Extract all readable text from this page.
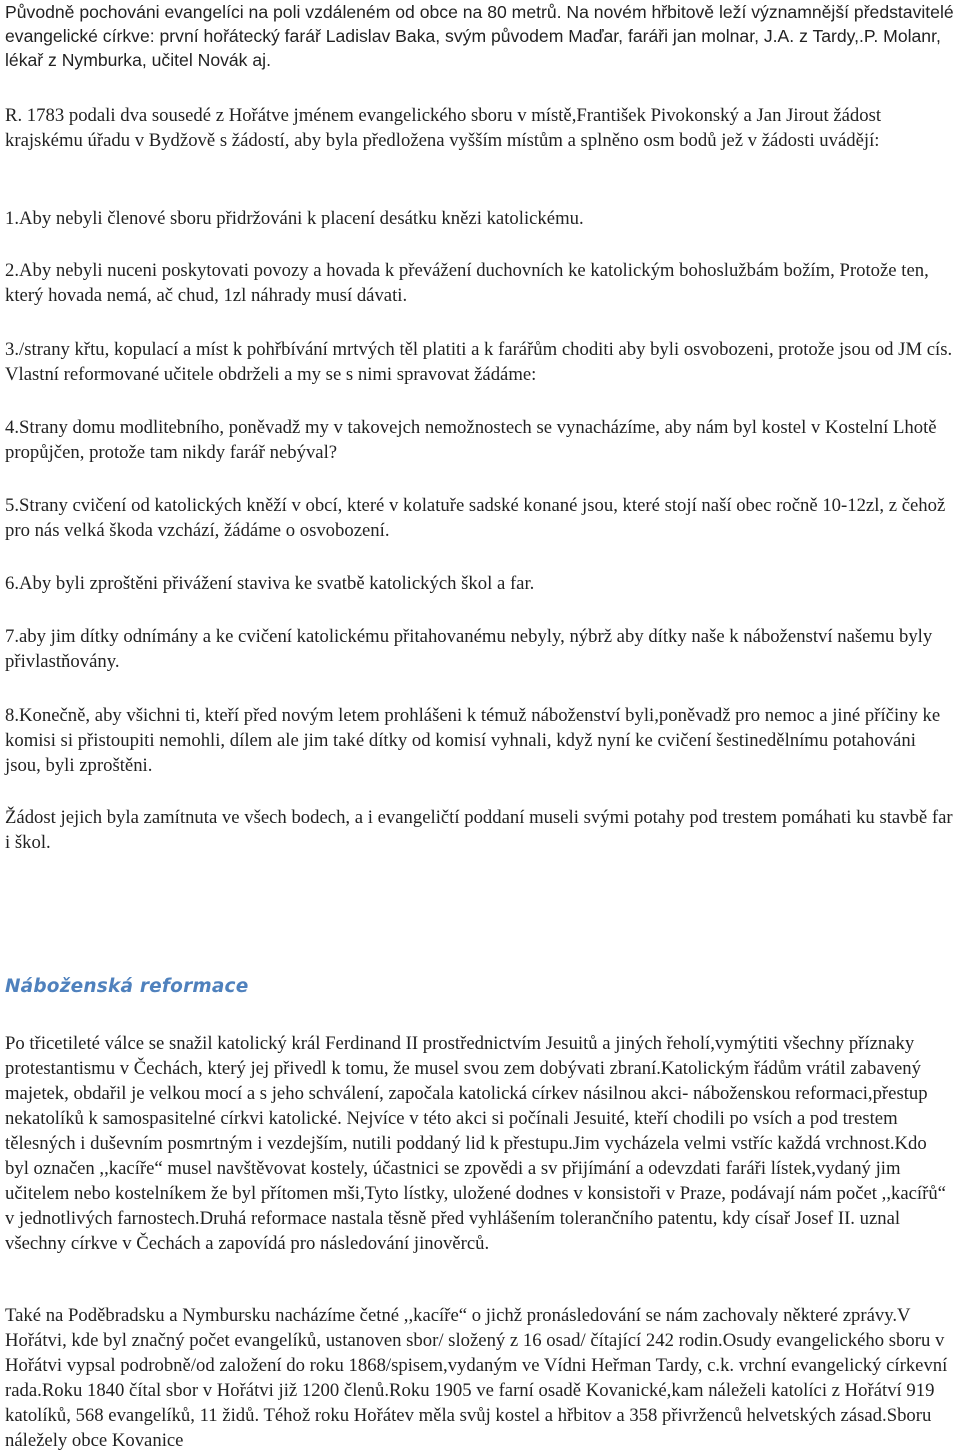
Původně pochováni evangelíci na poli vzdáleném od obce na 80 metrů. Na novém hřbitově leží významnější představitelé evangelické církve: první hořátecký farář Ladislav Baka, svým původem Maďar, faráři jan molnar, J.A. z Tardy,.P. Molanr, lékař z Nymburka, učitel Novák aj.

R. 1783 podali dva sousedé z Hořátve jménem evangelického sboru v místě,František Pivokonský a Jan Jirout žádost krajskému úřadu v Bydžově s žádostí, aby byla předložena vyšším místům a splněno osm bodů jež v žádosti uvádějí:

1.Aby nebyli členové sboru přidržováni k placení desátku knězi katolickému.

2.Aby nebyli nuceni poskytovati povozy a hovada k převážení duchovních ke katolickým bohoslužbám božím, Protože ten, který hovada nemá, ač chud, 1zl náhrady musí dávati.

3./strany křtu, kopulací a míst k pohřbívání mrtvých těl platiti a k farářům choditi aby byli osvobozeni, protože jsou od JM cís. Vlastní reformované učitele obdrželi a my se s nimi spravovat žádáme:

4.Strany domu modlitebního, poněvadž my v takovejch nemožnostech se vynacházíme, aby nám byl kostel v Kostelní Lhotě propůjčen, protože tam nikdy farář nebýval?

5.Strany cvičení od katolických kněží v obcí, které v kolatuře sadské konané jsou, které stojí naší obec ročně 10-12zl, z čehož pro nás velká škoda vzchází, žádáme o osvobození.

6.Aby byli zproštěni přivážení staviva ke svatbě katolických škol a far.

7.aby jim dítky odnímány a ke cvičení katolickému přitahovanému nebyly, nýbrž aby dítky naše k náboženství našemu byly přivlastňovány.

8.Konečně, aby všichni ti, kteří před novým letem prohlášeni k témuž náboženství byli,poněvadž pro nemoc a jiné příčiny ke komisi si přistoupiti nemohli, dílem ale jim také dítky od komisí vyhnali, když nyní ke cvičení šestinedělnímu potahováni jsou, byli zproštěni.

Žádost jejich byla zamítnuta ve všech bodech, a i evangeličtí poddaní museli svými potahy pod trestem pomáhati ku stavbě far i škol.

Náboženská reformace

Po třicetileté válce se snažil katolický král Ferdinand II prostřednictvím Jesuitů a jiných řeholí,vymýtiti všechny příznaky protestantismu v Čechách, který jej přivedl k tomu, že musel svou zem dobývati zbraní.Katolickým řádům vrátil zabavený majetek, obdařil je velkou mocí a s jeho schválení, započala katolická církev násilnou akci- náboženskou reformaci,přestup nekatolíků k samospasitelné církvi katolické. Nejvíce v této akci si počínali Jesuité, kteří chodili po vsích a pod trestem tělesných i duševním posmrtným i vezdejším, nutili poddaný lid k přestupu.Jim vycházela velmi vstříc každá vrchnost.Kdo byl označen ,,kacíře“ musel navštěvovat kostely, účastnici se zpovědi a sv přijímání a odevzdati faráři lístek,vydaný jim učitelem nebo kostelníkem že byl přítomen mši,Tyto lístky, uložené dodnes v konsistoři v Praze, podávají nám počet ,,kacířů“ v jednotlivých farnostech.Druhá reformace nastala těsně před vyhlášením tolerančního patentu, kdy císař Josef II. uznal všechny církve v Čechách a zapovídá pro následování jinověrců.

Také na Poděbradsku a Nymbursku nacházíme četné ,,kacíře“ o jichž pronásledování se nám zachovaly některé zprávy.V Hořátvi, kde byl značný počet evangelíků, ustanoven sbor/ složený z 16 osad/ čítající 242 rodin.Osudy evangelického sboru v Hořátvi vypsal podrobně/od založení do roku 1868/spisem,vydaným ve Vídni Heřman Tardy, c.k. vrchní evangelický církevní rada.Roku 1840 čítal sbor v Hořátvi již 1200 členů.Roku 1905 ve farní osadě Kovanické,kam náleželi katolíci z Hořátví 919 katolíků, 568 evangelíků, 11 židů. Téhož roku Hořátev měla svůj kostel a hřbitov a 358 přivrženců helvetských zásad.Sboru náležely obce Kovanice
